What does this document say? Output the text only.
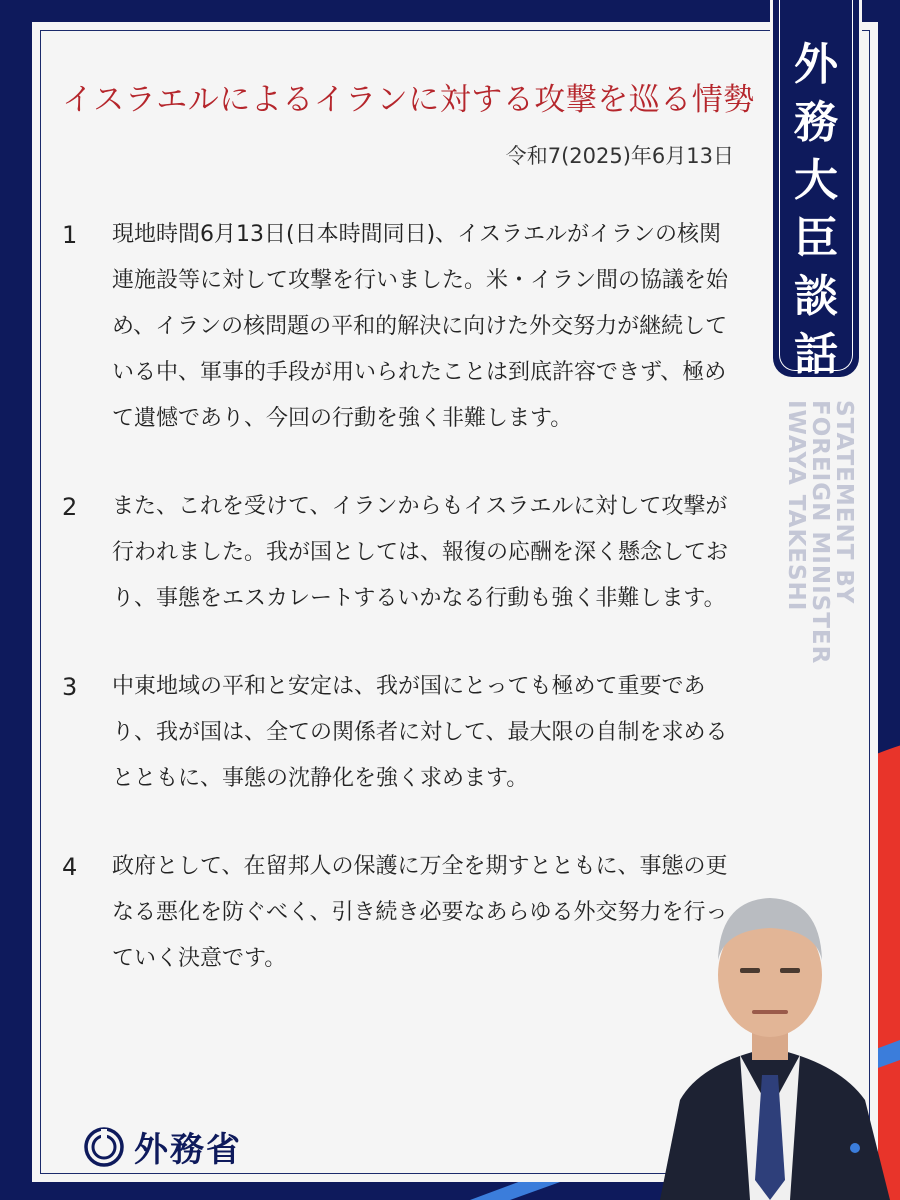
イスラエルによるイランに対する攻撃を巡る情勢
令和7(2025)年6月13日
1	現地時間6月13日(日本時間同日)、イスラエルがイランの核関連施設等に対して攻撃を行いました。米・イラン間の協議を始め、イランの核問題の平和的解決に向けた外交努力が継続している中、軍事的手段が用いられたことは到底許容できず、極めて遺憾であり、今回の行動を強く非難します。
2	また、これを受けて、イランからもイスラエルに対して攻撃が行われました。我が国としては、報復の応酬を深く懸念しており、事態をエスカレートするいかなる行動も強く非難します。
3	中東地域の平和と安定は、我が国にとっても極めて重要であり、我が国は、全ての関係者に対して、最大限の自制を求めるとともに、事態の沈静化を強く求めます。
4	政府として、在留邦人の保護に万全を期すとともに、事態の更なる悪化を防ぐべく、引き続き必要なあらゆる外交努力を行っていく決意です。
外務省
外
務
大
臣
談
話
STATEMENT BY
FOREIGN MINISTER
IWAYA TAKESHI
